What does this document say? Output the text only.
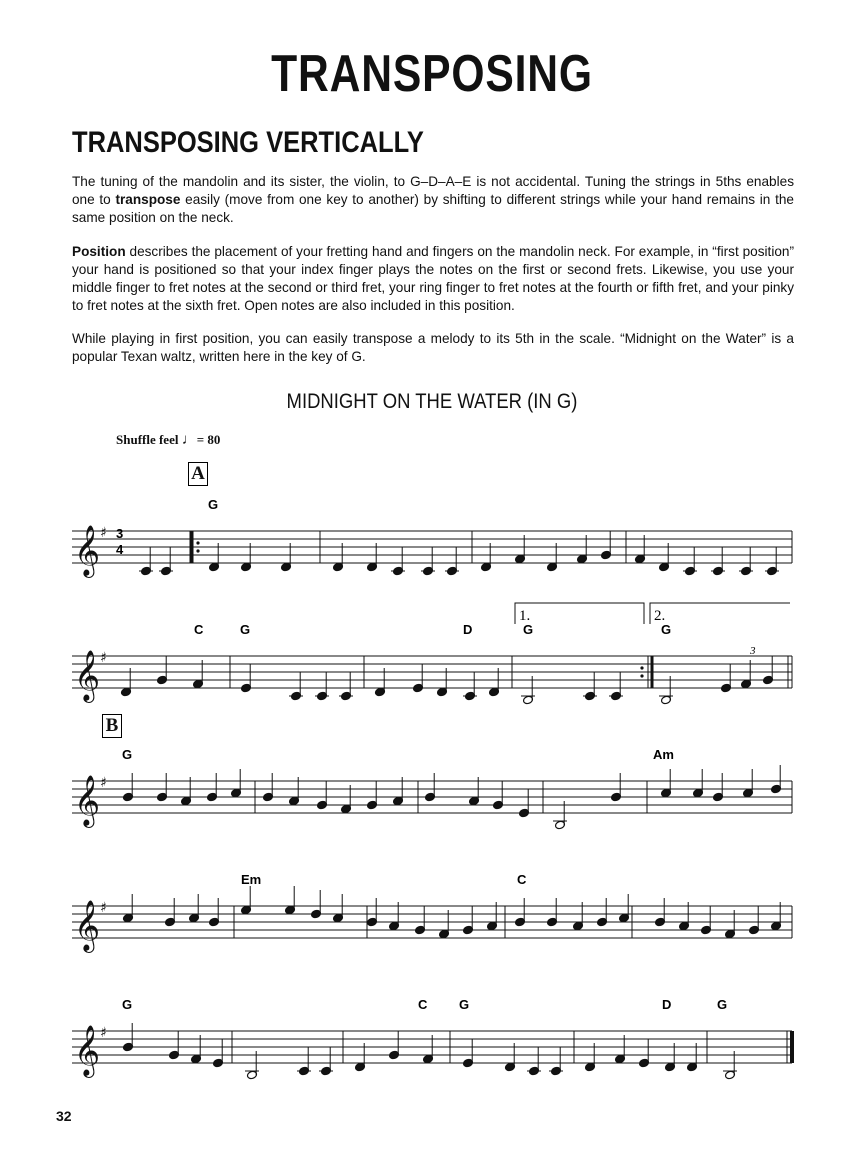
TRANSPOSING
TRANSPOSING VERTICALLY
The tuning of the mandolin and its sister, the violin, to G–D–A–E is not accidental. Tuning the strings in 5ths enables one to transpose easily (move from one key to another) by shifting to different strings while your hand remains in the same position on the neck.
Position describes the placement of your fretting hand and fingers on the mandolin neck. For example, in “first position” your hand is positioned so that your index finger plays the notes on the first or second frets. Likewise, you use your middle finger to fret notes at the second or third fret, your ring finger to fret notes at the fourth or fifth fret, and your pinky to fret notes at the sixth fret. Open notes are also included in this position.
While playing in first position, you can easily transpose a melody to its 5th in the scale. “Midnight on the Water” is a popular Texan waltz, written here in the key of G.
MIDNIGHT ON THE WATER (IN G)
Shuffle feel ♩= 80
A
B
𝄞 ♯
𝄞 ♯
𝄞 ♯
𝄞 ♯
𝄞 ♯
3
4
1.	2.
3
G
C	G	D	G	G
G	Am
Em	C
G	C G	D	G
32
